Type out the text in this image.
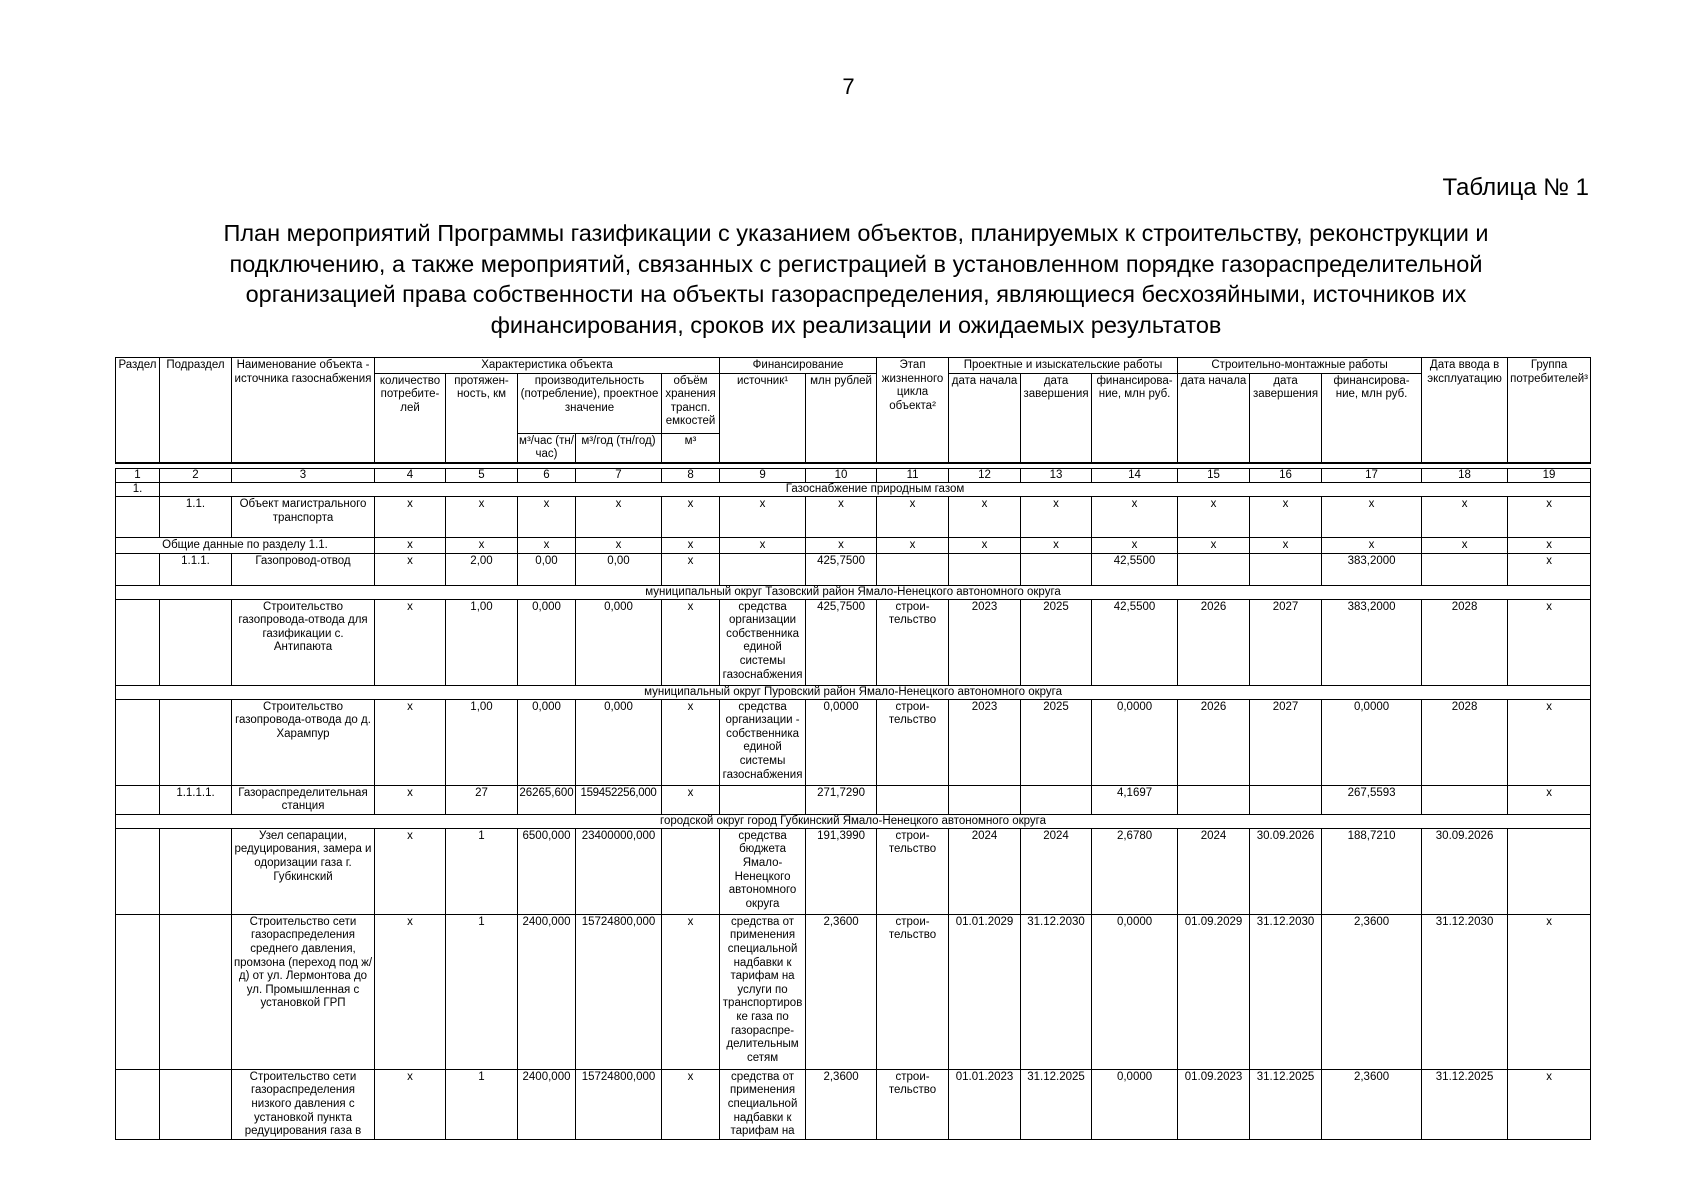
7
Таблица № 1
План мероприятий Программы газификации с указанием объектов, планируемых к строительству, реконструкции и
подключению, а также мероприятий, связанных с регистрацией в установленном порядке газораспределительной
организацией права собственности на объекты газораспределения, являющиеся бесхозяйными, источников их
финансирования, сроков их реализации и ожидаемых результатов
Раздел	Подраздел	Наименование объекта - источника газоснабжения	Характеристика объекта					Финансирование		Этап жизненного цикла объекта²	Проектные и изыскательские работы			Строительно-монтажные работы			Дата ввода в эксплуатацию	Группа потребителей³
			количество потребите-лей	протяжен-ность, км	производительность (потребление), проектное значение		объём хранения трансп. емкостей	источник¹	млн рублей		дата начала	дата завершения	финансирова-ние, млн руб.	дата начала	дата завершения	финансирова-ние, млн руб.		
					м³/час (тн/час)	м³/год (тн/год)	м³											

1	2	3	4	5	6	7	8	9	10	11	12	13	14	15	16	17	18	19
1.	Газоснабжение природным газом																	
	1.1.	Объект магистрального транспорта	x	x	x	x	x	x	x	x	x	x	x	x	x	x	x	x
Общие данные по разделу 1.1.			x	x	x	x	x	x	x	x	x	x	x	x	x	x	x	x
	1.1.1.	Газопровод-отвод	x	2,00	0,00	0,00	x		425,7500				42,5500			383,2000		x
муниципальный округ Тазовский район Ямало-Ненецкого автономного округа																		
		Строительство газопровода-отвода для газификации с. Антипаюта	x	1,00	0,000	0,000	x	средства организации собственника единой системы газоснабжения	425,7500	строи-тельство	2023	2025	42,5500	2026	2027	383,2000	2028	x
муниципальный округ Пуровский район Ямало-Ненецкого автономного округа																		
		Строительство газопровода-отвода до д. Харампур	x	1,00	0,000	0,000	x	средства организации - собственника единой системы газоснабжения	0,0000	строи-тельство	2023	2025	0,0000	2026	2027	0,0000	2028	x
	1.1.1.1.	Газораспределительная станция	x	27	26265,600	159452256,000	x		271,7290				4,1697			267,5593		x
городской округ город Губкинский Ямало-Ненецкого автономного округа																		
		Узел сепарации, редуцирования, замера и одоризации газа г. Губкинский	x	1	6500,000	23400000,000		средства бюджета Ямало-Ненецкого автономного округа	191,3990	строи-тельство	2024	2024	2,6780	2024	30.09.2026	188,7210	30.09.2026	
		Строительство сети газораспределения среднего давления, промзона (переход под ж/д) от ул. Лермонтова до ул. Промышленная с установкой ГРП	x	1	2400,000	15724800,000	x	средства от применения специальной надбавки к тарифам на услуги по транспортиров ке газа по газораспре-делительным сетям	2,3600	строи-тельство	01.01.2029	31.12.2030	0,0000	01.09.2029	31.12.2030	2,3600	31.12.2030	x
		Строительство сети газораспределения низкого давления с установкой пункта редуцирования газа в	x	1	2400,000	15724800,000	x	средства от применения специальной надбавки к тарифам на	2,3600	строи-тельство	01.01.2023	31.12.2025	0,0000	01.09.2023	31.12.2025	2,3600	31.12.2025	x
